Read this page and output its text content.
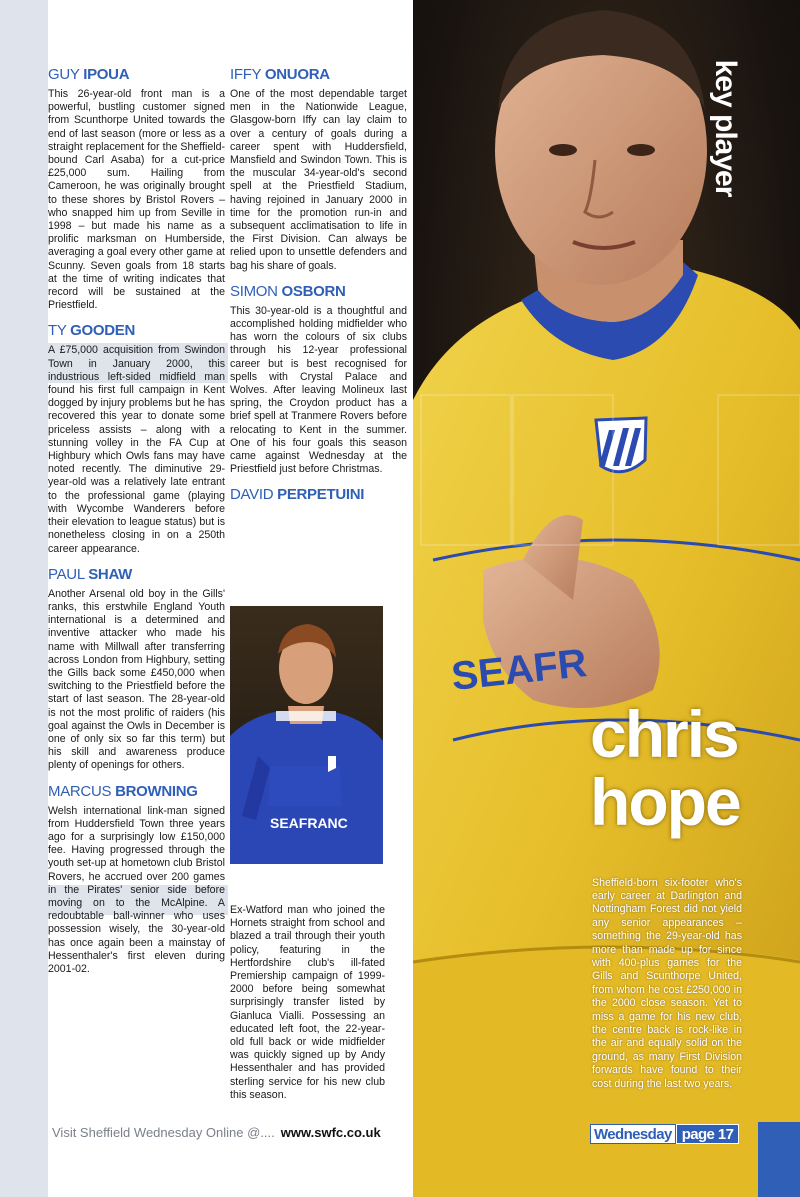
GUY IPOUA

This 26-year-old front man is a powerful, bustling customer signed from Scunthorpe United towards the end of last season (more or less as a straight replacement for the Sheffield-bound Carl Asaba) for a cut-price £25,000 sum. Hailing from Cameroon, he was originally brought to these shores by Bristol Rovers – who snapped him up from Seville in 1998 – but made his name as a prolific marksman on Humberside, averaging a goal every other game at Scunny. Seven goals from 18 starts at the time of writing indicates that record will be sustained at the Priestfield.

TY GOODEN

A £75,000 acquisition from Swindon Town in January 2000, this industrious left-sided midfield man found his first full campaign in Kent dogged by injury problems but he has recovered this year to donate some priceless assists – along with a stunning volley in the FA Cup at Highbury which Owls fans may have noted recently. The diminutive 29-year-old was a relatively late entrant to the professional game (playing with Wycombe Wanderers before their elevation to league status) but is nonetheless closing in on a 250th career appearance.

PAUL SHAW

Another Arsenal old boy in the Gills' ranks, this erstwhile England Youth international is a determined and inventive attacker who made his name with Millwall after transferring across London from Highbury, setting the Gills back some £450,000 when switching to the Priestfield before the start of last season. The 28-year-old is not the most prolific of raiders (his goal against the Owls in December is one of only six so far this term) but his skill and awareness produce plenty of openings for others.

MARCUS BROWNING

Welsh international link-man signed from Huddersfield Town three years ago for a surprisingly low £150,000 fee. Having progressed through the youth set-up at hometown club Bristol Rovers, he accrued over 200 games in the Pirates' senior side before moving on to the McAlpine. A redoubtable ball-winner who uses possession wisely, the 30-year-old has once again been a mainstay of Hessenthaler's first eleven during 2001-02.

IFFY ONUORA

One of the most dependable target men in the Nationwide League, Glasgow-born Iffy can lay claim to over a century of goals during a career spent with Huddersfield, Mansfield and Swindon Town. This is the muscular 34-year-old's second spell at the Priestfield Stadium, having rejoined in January 2000 in time for the promotion run-in and subsequent acclimatisation to life in the First Division. Can always be relied upon to unsettle defenders and bag his share of goals.

SIMON OSBORN

This 30-year-old is a thoughtful and accomplished holding midfielder who has worn the colours of six clubs through his 12-year professional career but is best recognised for spells with Crystal Palace and Wolves. After leaving Molineux last spring, the Croydon product has a brief spell at Tranmere Rovers before relocating to Kent in the summer. One of his four goals this season came against Wednesday at the Priestfield just before Christmas.

DAVID PERPETUINI
SEAFRANC

Ex-Watford man who joined the Hornets straight from school and blazed a trail through their youth policy, featuring in the Hertfordshire club's ill-fated Premiership campaign of 1999-2000 before being somewhat surprisingly transfer listed by Gianluca Vialli. Possessing an educated left foot, the 22-year-old full back or wide midfielder was quickly signed up by Andy Hessenthaler and has provided sterling service for his new club this season.

Visit Sheffield Wednesday Online @.... www.swfc.co.uk
SEAFR
key player
chris
hope

Sheffield-born six-footer who's early career at Darlington and Nottingham Forest did not yield any senior appearances – something the 29-year-old has more than made up for since with 400-plus games for the Gills and Scunthorpe United, from whom he cost £250,000 in the 2000 close season. Yet to miss a game for his new club, the centre back is rock-like in the air and equally solid on the ground, as many First Division forwards have found to their cost during the last two years.

Wednesday page 17
